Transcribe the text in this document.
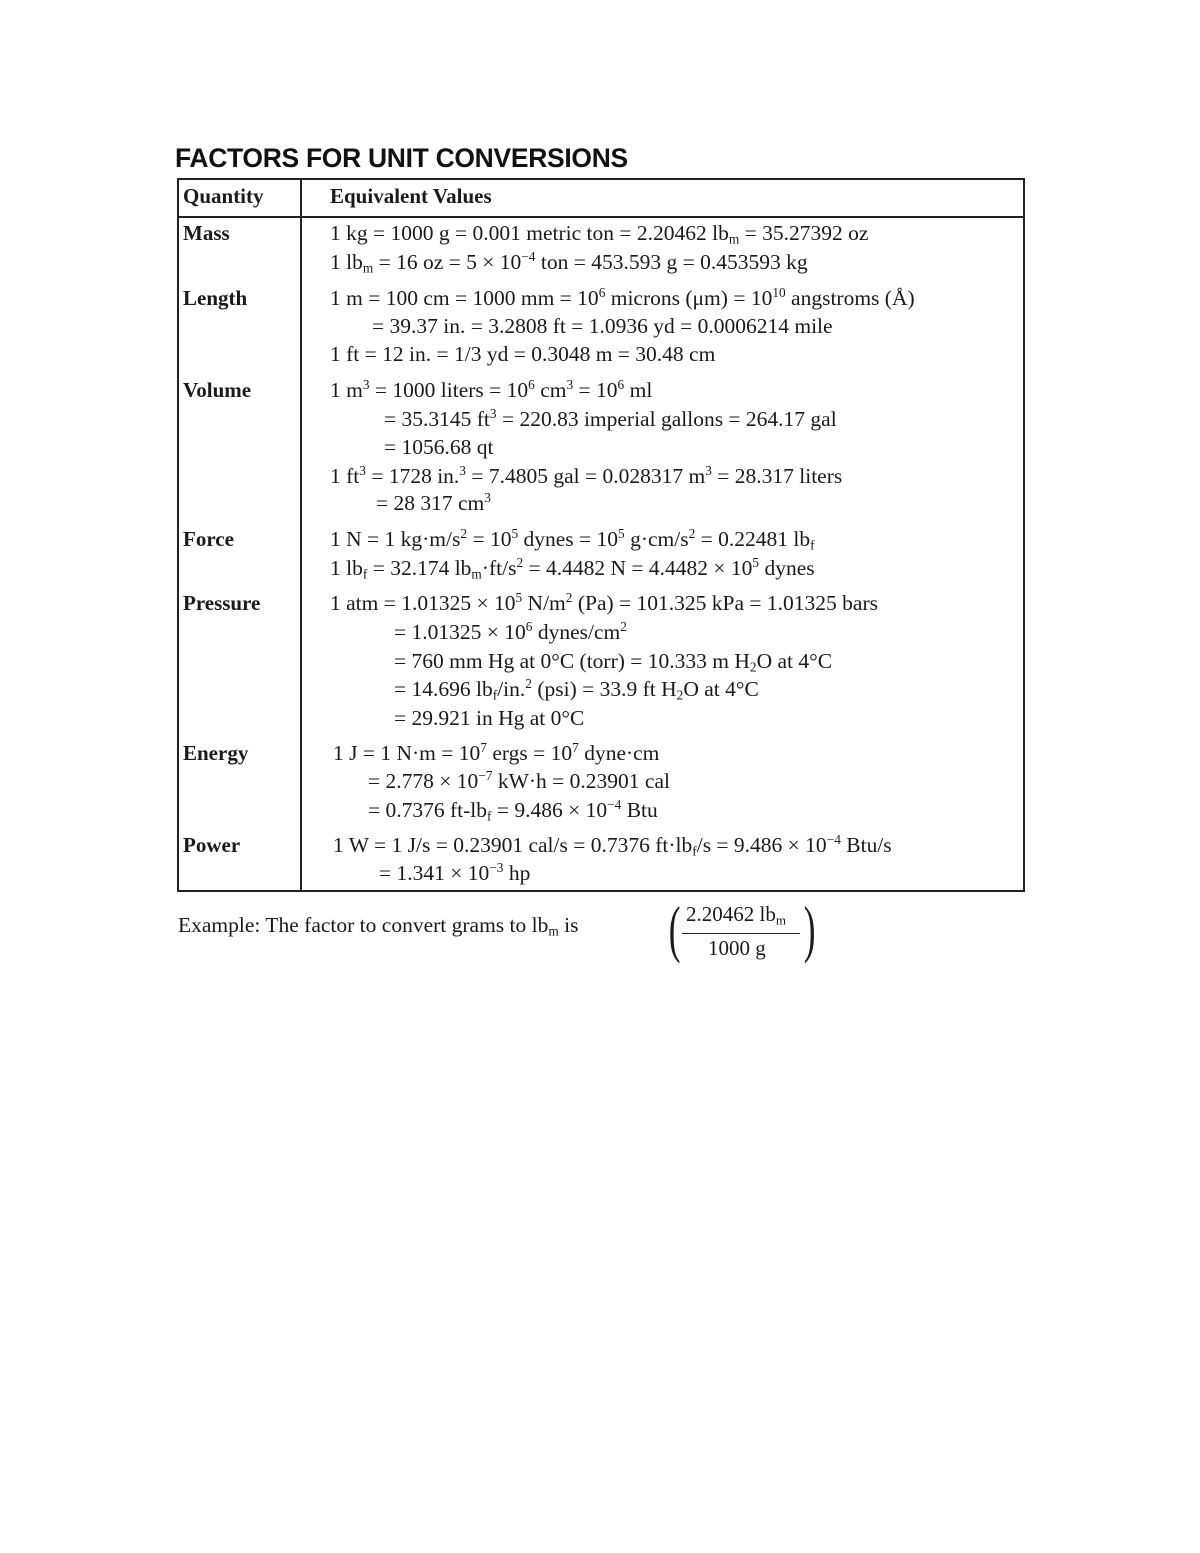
FACTORS FOR UNIT CONVERSIONS
Quantity	Equivalent Values
Mass	1 kg = 1000 g = 0.001 metric ton = 2.20462 $lb_m = 35.27392$ oz
1 $lb_m = 16$ oz = $5 \times 10^{-4}$ ton = 453.593 g = 0.453593 kg
Length	1 m = 100 cm = 1000 mm = $10^6$ microns $(\mu m) = 10^{10}$ angstroms (Å)
= 39.37 in. = 3.2808 ft = 1.0936 yd = 0.0006214 mile
1 ft = 12 in. = 1/3 yd = 0.3048 m = 30.48 cm
Volume	1 $m^3 = 1000$ liters = $10^6$ $cm^3 = 10^6$ ml
= 35.3145 $ft^3 = 220.83$ imperial gallons = 264.17 gal
= 1056.68 qt
1 $ft^3 = 1728$ in.$^3$ = 7.4805 gal = 0.028317 $m^3 = 28.317$ liters
= 28 317 $cm^3$
Force	1 N = 1 $kg\cdot m/s^2 = 10^5$ dynes = $10^5$ $g\cdot cm/s^2 = 0.22481$ $lb_f$
1 $lb_f = 32.174$ $lb_m\cdot ft/s^2 = 4.4482$ $N = 4.4482 \times 10^5$ dynes
Pressure	1 atm = $1.01325 \times 10^5$ $N/m^2$ (Pa) = 101.325 kPa = 1.01325 bars
= $1.01325 \times 10^6$ dynes/$cm^2$
= 760 mm Hg at 0°C (torr) = 10.333 m $H_2O$ at 4°C
= 14.696 $lb_f/in.^2$ (psi) = 33.9 ft $H_2O$ at 4°C
= 29.921 in Hg at 0°C
Energy	1 J = 1 $N\cdot m = 10^7$ ergs = $10^7$ dyne·cm
= $2.778 \times 10^{-7}$ kW·h = 0.23901 cal
= 0.7376 $ft-lb_f = 9.486 \times 10^{-4}$ Btu
Power	1 W = 1 J/s = 0.23901 cal/s = 0.7376 $ft\cdot lb_f/s = 9.486 \times 10^{-4}$ Btu/s
= $1.341 \times 10^{-3}$ hp
Example: The factor to convert grams to $lb_m$ is ( 2.20462 $lb_m$
1000 g )
